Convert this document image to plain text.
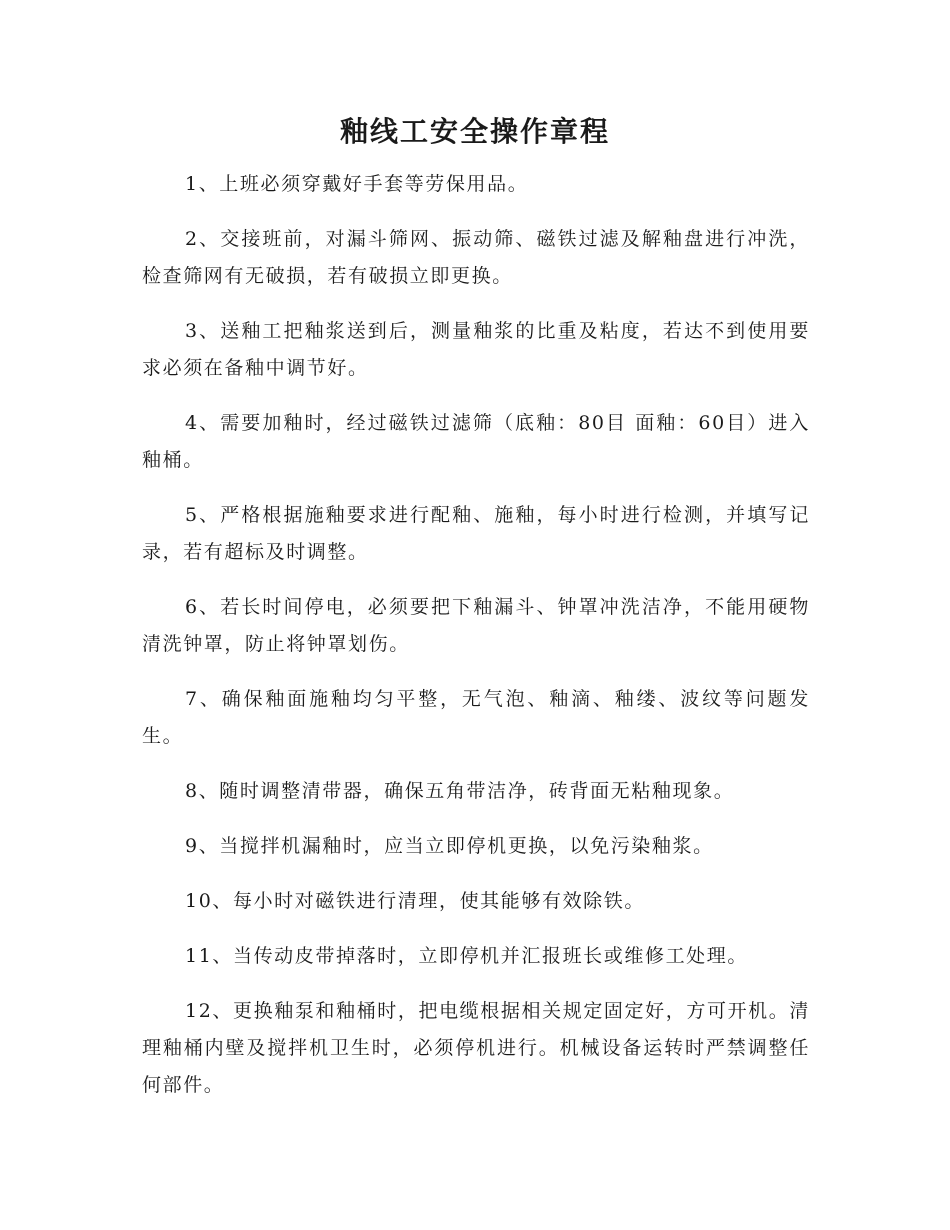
釉线工安全操作章程

1、上班必须穿戴好手套等劳保用品。

2、交接班前，对漏斗筛网、振动筛、磁铁过滤及解釉盘进行冲洗，检查筛网有无破损，若有破损立即更换。

3、送釉工把釉浆送到后，测量釉浆的比重及粘度，若达不到使用要求必须在备釉中调节好。

4、需要加釉时，经过磁铁过滤筛（底釉：80目 面釉：60目）进入釉桶。

5、严格根据施釉要求进行配釉、施釉，每小时进行检测，并填写记录，若有超标及时调整。

6、若长时间停电，必须要把下釉漏斗、钟罩冲洗洁净，不能用硬物清洗钟罩，防止将钟罩划伤。

7、确保釉面施釉均匀平整，无气泡、釉滴、釉缕、波纹等问题发生。

8、随时调整清带器，确保五角带洁净，砖背面无粘釉现象。

9、当搅拌机漏釉时，应当立即停机更换，以免污染釉浆。

10、每小时对磁铁进行清理，使其能够有效除铁。

11、当传动皮带掉落时，立即停机并汇报班长或维修工处理。

12、更换釉泵和釉桶时，把电缆根据相关规定固定好，方可开机。清理釉桶内壁及搅拌机卫生时，必须停机进行。机械设备运转时严禁调整任何部件。
